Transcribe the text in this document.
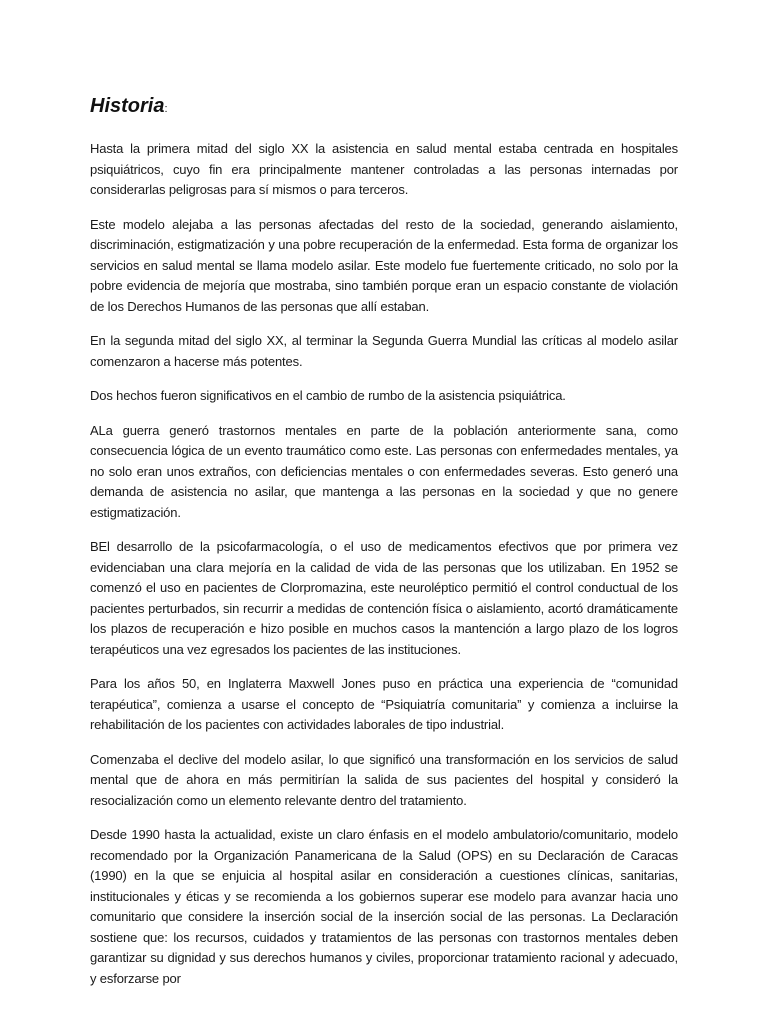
Historia:

Hasta la primera mitad del siglo XX la asistencia en salud mental estaba centrada en hospitales psiquiátricos, cuyo fin era principalmente mantener controladas a las personas internadas por considerarlas peligrosas para sí mismos o para terceros.

Este modelo alejaba a las personas afectadas del resto de la sociedad, generando aislamiento, discriminación, estigmatización y una pobre recuperación de la enfermedad. Esta forma de organizar los servicios en salud mental se llama modelo asilar. Este modelo fue fuertemente criticado, no solo por la pobre evidencia de mejoría que mostraba, sino también porque eran un espacio constante de violación de los Derechos Humanos de las personas que allí estaban.

En la segunda mitad del siglo XX, al terminar la Segunda Guerra Mundial las críticas al modelo asilar comenzaron a hacerse más potentes.

Dos hechos fueron significativos en el cambio de rumbo de la asistencia psiquiátrica.

ALa guerra generó trastornos mentales en parte de la población anteriormente sana, como consecuencia lógica de un evento traumático como este. Las personas con enfermedades mentales, ya no solo eran unos extraños, con deficiencias mentales o con enfermedades severas. Esto generó una demanda de asistencia no asilar, que mantenga a las personas en la sociedad y que no genere estigmatización.

BEl desarrollo de la psicofarmacología, o el uso de medicamentos efectivos que por primera vez evidenciaban una clara mejoría en la calidad de vida de las personas que los utilizaban. En 1952 se comenzó el uso en pacientes de Clorpromazina, este neuroléptico permitió el control conductual de los pacientes perturbados, sin recurrir a medidas de contención física o aislamiento, acortó dramáticamente los plazos de recuperación e hizo posible en muchos casos la mantención a largo plazo de los logros terapéuticos una vez egresados los pacientes de las instituciones.

Para los años 50, en Inglaterra Maxwell Jones puso en práctica una experiencia de “comunidad terapéutica”, comienza a usarse el concepto de “Psiquiatría comunitaria” y comienza a incluirse la rehabilitación de los pacientes con actividades laborales de tipo industrial.

Comenzaba el declive del modelo asilar, lo que significó una transformación en los servicios de salud mental que de ahora en más permitirían la salida de sus pacientes del hospital y consideró la resocialización como un elemento relevante dentro del tratamiento.

Desde 1990 hasta la actualidad, existe un claro énfasis en el modelo ambulatorio/comunitario, modelo recomendado por la Organización Panamericana de la Salud (OPS) en su Declaración de Caracas (1990) en la que se enjuicia al hospital asilar en consideración a cuestiones clínicas, sanitarias, institucionales y éticas y se recomienda a los gobiernos superar ese modelo para avanzar hacia uno comunitario que considere la inserción social de la inserción social de las personas. La Declaración sostiene que: los recursos, cuidados y tratamientos de las personas con trastornos mentales deben garantizar su dignidad y sus derechos humanos y civiles, proporcionar tratamiento racional y adecuado, y esforzarse por
